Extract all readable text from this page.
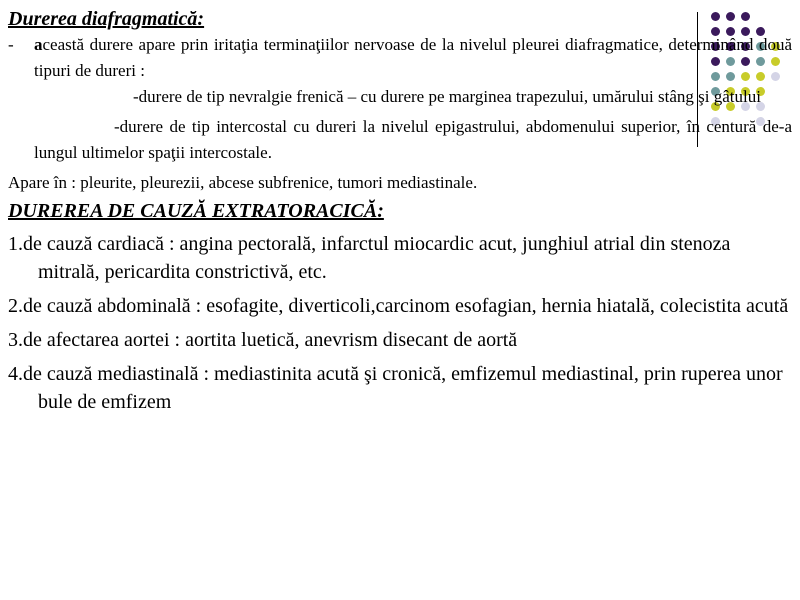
Durerea diafragmatică:

- această durere apare prin iritaţia terminaţiilor nervoase de la nivelul pleurei diafragmatice, determinând două tipuri de dureri :
-durere de tip nevralgie frenică – cu durere pe marginea trapezului, umărului stâng şi gâtului
-durere de tip intercostal cu dureri la nivelul epigastrului, abdomenului superior, în centură de-a lungul ultimelor spaţii intercostale.
Apare în : pleurite, pleurezii, abcese subfrenice, tumori mediastinale.

DUREREA DE CAUZĂ EXTRATORACICĂ:

1.de cauză cardiacă : angina pectorală, infarctul miocardic acut, junghiul atrial din stenoza mitrală, pericardita constrictivă, etc.
2.de cauză abdominală : esofagite, diverticoli,carcinom esofagian, hernia hiatală, colecistita acută
3.de afectarea aortei : aortita luetică, anevrism disecant de aortă
4.de cauză mediastinală : mediastinita acută şi cronică, emfizemul mediastinal, prin ruperea unor bule de emfizem
